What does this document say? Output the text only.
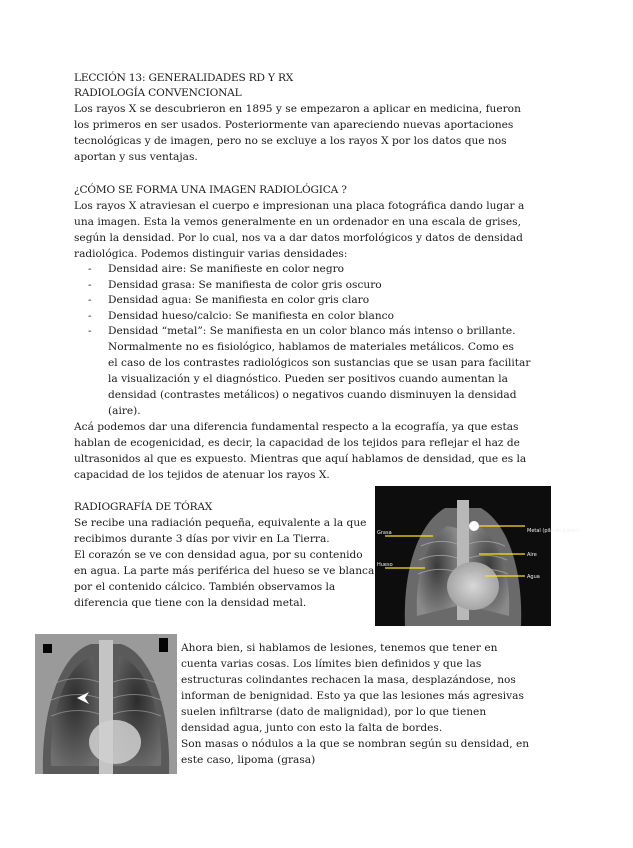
LECCIÓN 13: GENERALIDADES RD Y RX
RADIOLOGÍA CONVENCIONAL
Los rayos X se descubrieron en 1895 y se empezaron a aplicar en medicina, fueron
los primeros en ser usados. Posteriormente van apareciendo nuevas aportaciones
tecnológicas y de imagen, pero no se excluye a los rayos X por los datos que nos
aportan y sus ventajas.
¿CÓMO SE FORMA UNA IMAGEN RADIOLÓGICA ?
Los rayos X atraviesan el cuerpo e impresionan una placa fotográfica dando lugar a
una imagen. Esta la vemos generalmente en un ordenador en una escala de grises,
según la densidad. Por lo cual, nos va a dar datos morfológicos y datos de densidad
radiológica. Podemos distinguir varias densidades:
- Densidad aire: Se manifieste en color negro
- Densidad grasa: Se manifiesta de color gris oscuro
- Densidad agua: Se manifiesta en color gris claro
- Densidad hueso/calcio: Se manifiesta en color blanco
- Densidad “metal”: Se manifiesta en un color blanco más intenso o brillante.
Normalmente no es fisiológico, hablamos de materiales metálicos. Como es
el caso de los contrastes radiológicos son sustancias que se usan para facilitar
la visualización y el diagnóstico. Pueden ser positivos cuando aumentan la
densidad (contrastes metálicos) o negativos cuando disminuyen la densidad
(aire).
Acá podemos dar una diferencia fundamental respecto a la ecografía, ya que estas
hablan de ecogenicidad, es decir, la capacidad de los tejidos para reflejar el haz de
ultrasonidos al que es expuesto. Mientras que aquí hablamos de densidad, que es la
capacidad de los tejidos de atenuar los rayos X.
RADIOGRAFÍA DE TÓRAX
Se recibe una radiación pequeña, equivalente a la que
recibimos durante 3 días por vivir en La Tierra.
El corazón se ve con densidad agua, por su contenido
en agua. La parte más periférica del hueso se ve blanca
por el contenido cálcico. También observamos la
diferencia que tiene con la densidad metal.
Grasa
Hueso
Metal (pila de botón)
Aire
Agua
Ahora bien, si hablamos de lesiones, tenemos que tener en
cuenta varias cosas. Los límites bien definidos y que las
estructuras colindantes rechacen la masa, desplazándose, nos
informan de benignidad. Esto ya que las lesiones más agresivas
suelen infiltrarse (dato de malignidad), por lo que tienen
densidad agua, junto con esto la falta de bordes.
Son masas o nódulos a la que se nombran según su densidad, en
este caso, lipoma (grasa)
